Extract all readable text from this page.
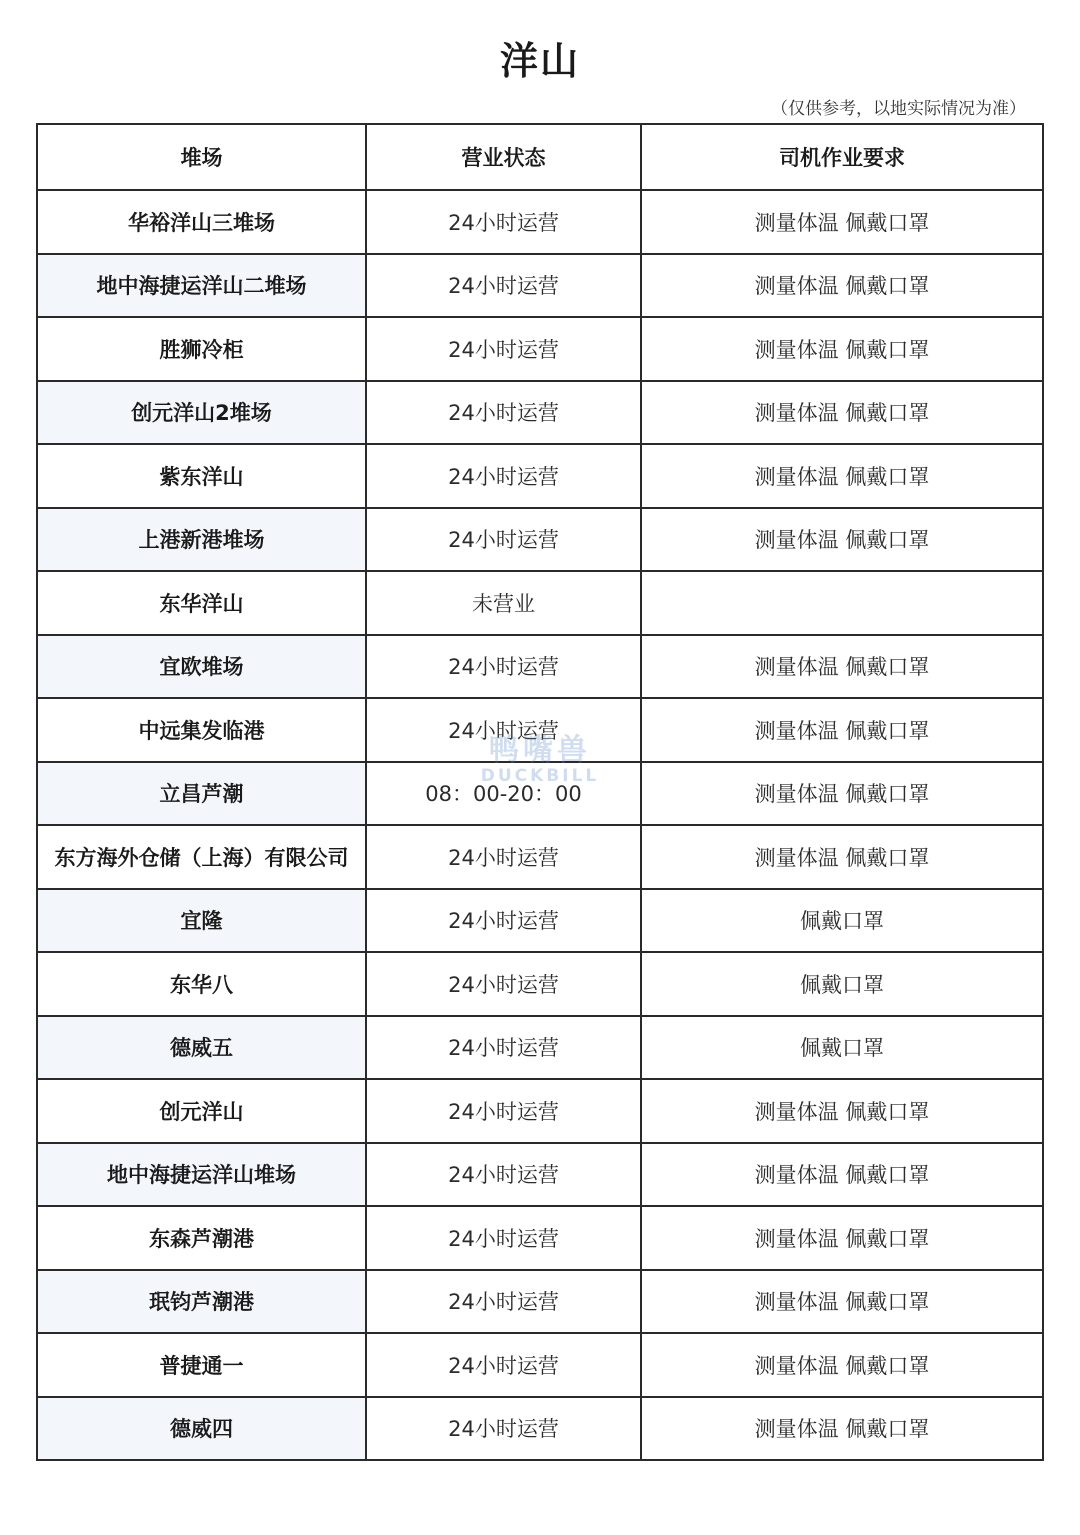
洋山
（仅供参考，以地实际情况为准）
堆场	营业状态	司机作业要求
华裕洋山三堆场	24小时运营	测量体温 佩戴口罩
地中海捷运洋山二堆场	24小时运营	测量体温 佩戴口罩
胜狮冷柜	24小时运营	测量体温 佩戴口罩
创元洋山2堆场	24小时运营	测量体温 佩戴口罩
紫东洋山	24小时运营	测量体温 佩戴口罩
上港新港堆场	24小时运营	测量体温 佩戴口罩
东华洋山	未营业	
宜欧堆场	24小时运营	测量体温 佩戴口罩
中远集发临港	24小时运营	测量体温 佩戴口罩
立昌芦潮	08：00-20：00	测量体温 佩戴口罩
东方海外仓储（上海）有限公司	24小时运营	测量体温 佩戴口罩
宜隆	24小时运营	佩戴口罩
东华八	24小时运营	佩戴口罩
德威五	24小时运营	佩戴口罩
创元洋山	24小时运营	测量体温 佩戴口罩
地中海捷运洋山堆场	24小时运营	测量体温 佩戴口罩
东森芦潮港	24小时运营	测量体温 佩戴口罩
珉钧芦潮港	24小时运营	测量体温 佩戴口罩
普捷通一	24小时运营	测量体温 佩戴口罩
德威四	24小时运营	测量体温 佩戴口罩
鸭嘴兽
DUCKBILL
